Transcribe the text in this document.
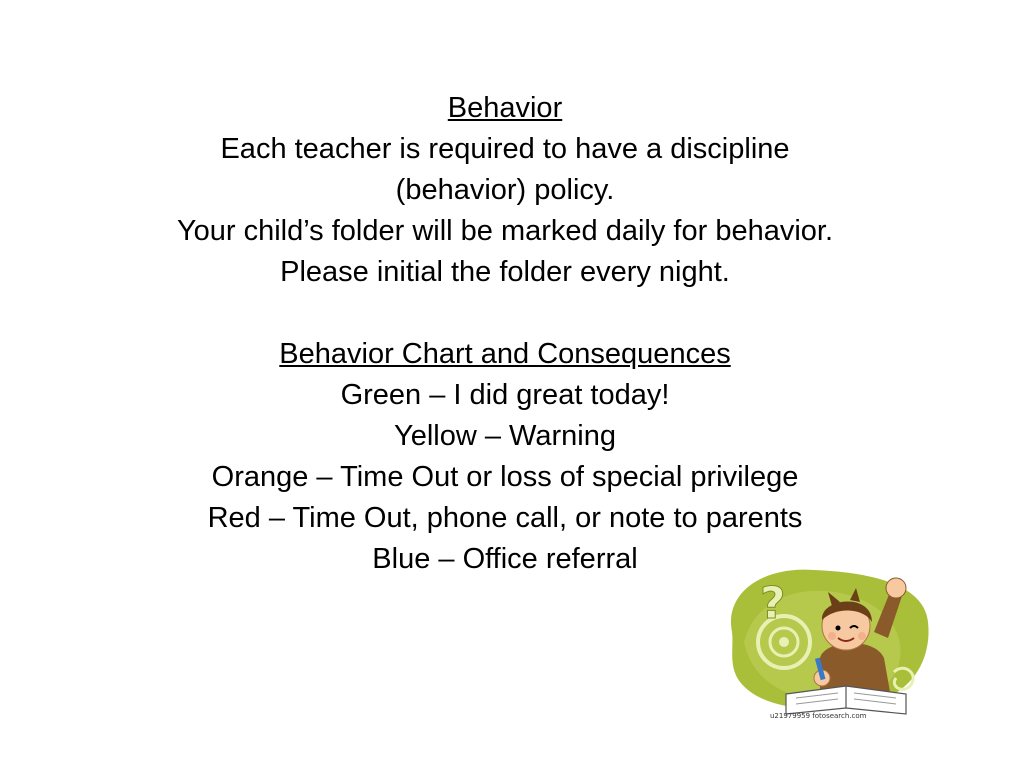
Behavior
Each teacher is required to have a discipline
(behavior) policy.
Your child’s folder will be marked daily for behavior.
Please initial the folder every night.
Behavior Chart and Consequences
Green – I did great today!
Yellow – Warning
Orange – Time Out or loss of special privilege
Red – Time Out, phone call, or note to parents
Blue – Office referral
?
u21979959 fotosearch.com
